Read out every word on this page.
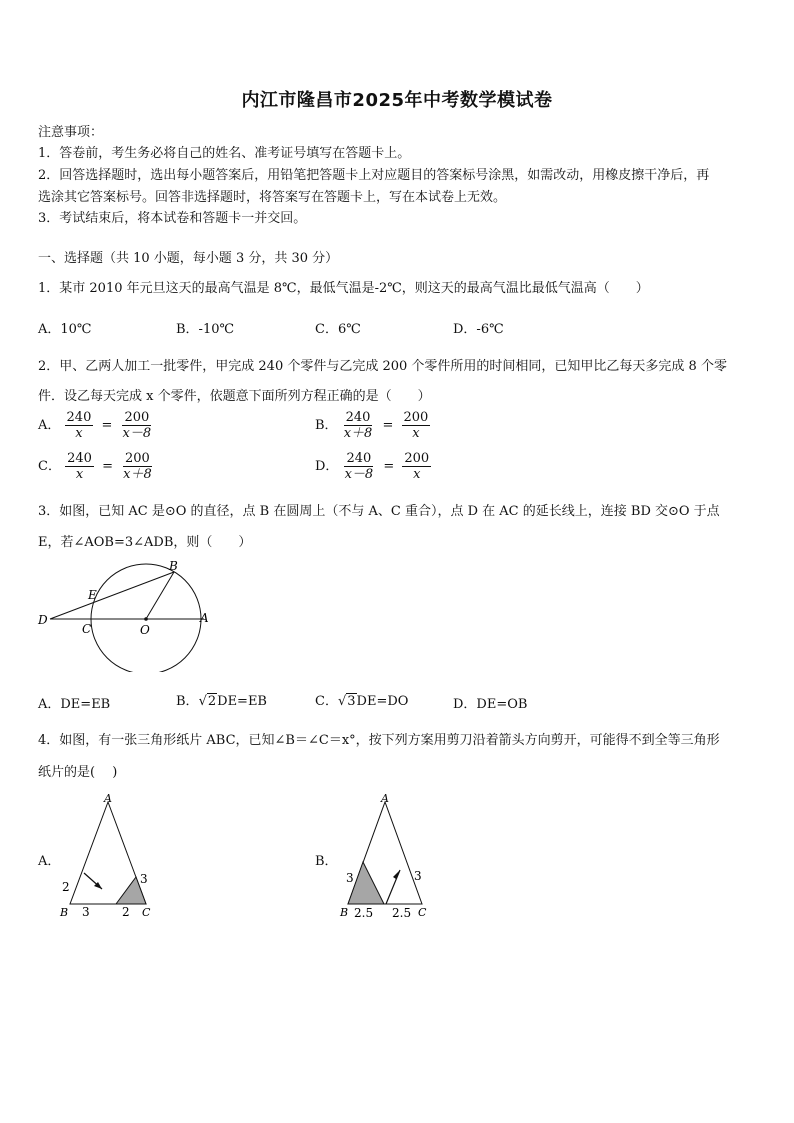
内江市隆昌市2025年中考数学模试卷
注意事项：
1．答卷前，考生务必将自己的姓名、准考证号填写在答题卡上。
2．回答选择题时，选出每小题答案后，用铅笔把答题卡上对应题目的答案标号涂黑，如需改动，用橡皮擦干净后，再
选涂其它答案标号。回答非选择题时，将答案写在答题卡上，写在本试卷上无效。
3．考试结束后，将本试卷和答题卡一并交回。
一、选择题（共 10 小题，每小题 3 分，共 30 分）
1．某市 2010 年元旦这天的最高气温是 8℃，最低气温是-2℃，则这天的最高气温比最低气温高（　　）
A．10℃	B．-10℃	C．6℃	D．-6℃
2．甲、乙两人加工一批零件，甲完成 240 个零件与乙完成 200 个零件所用的时间相同，已知甲比乙每天多完成 8 个零
件．设乙每天完成 x 个零件，依题意下面所列方程正确的是（　　）
A． $\frac{240}{x} = \frac{200}{x-8}$	B． $\frac{240}{x+8} = \frac{200}{x}$
C． $\frac{240}{x} = \frac{200}{x+8}$	D． $\frac{240}{x-8} = \frac{200}{x}$
3．如图，已知 AC 是⊙O 的直径，点 B 在圆周上（不与 A、C 重合），点 D 在 AC 的延长线上，连接 BD 交⊙O 于点
E，若∠AOB=3∠ADB，则（　　）
B
E
D
C	O
A
A．DE=EB	B．√2DE=EB	C．√3DE=DO	D．DE=OB
4．如图，有一张三角形纸片 ABC，已知∠B＝∠C＝x°，按下列方案用剪刀沿着箭头方向剪开，可能得不到全等三角形
纸片的是(　 )
A．
A
B	C
2
3	2
3
B．
A
B	C
3
2.5 2.5
3
